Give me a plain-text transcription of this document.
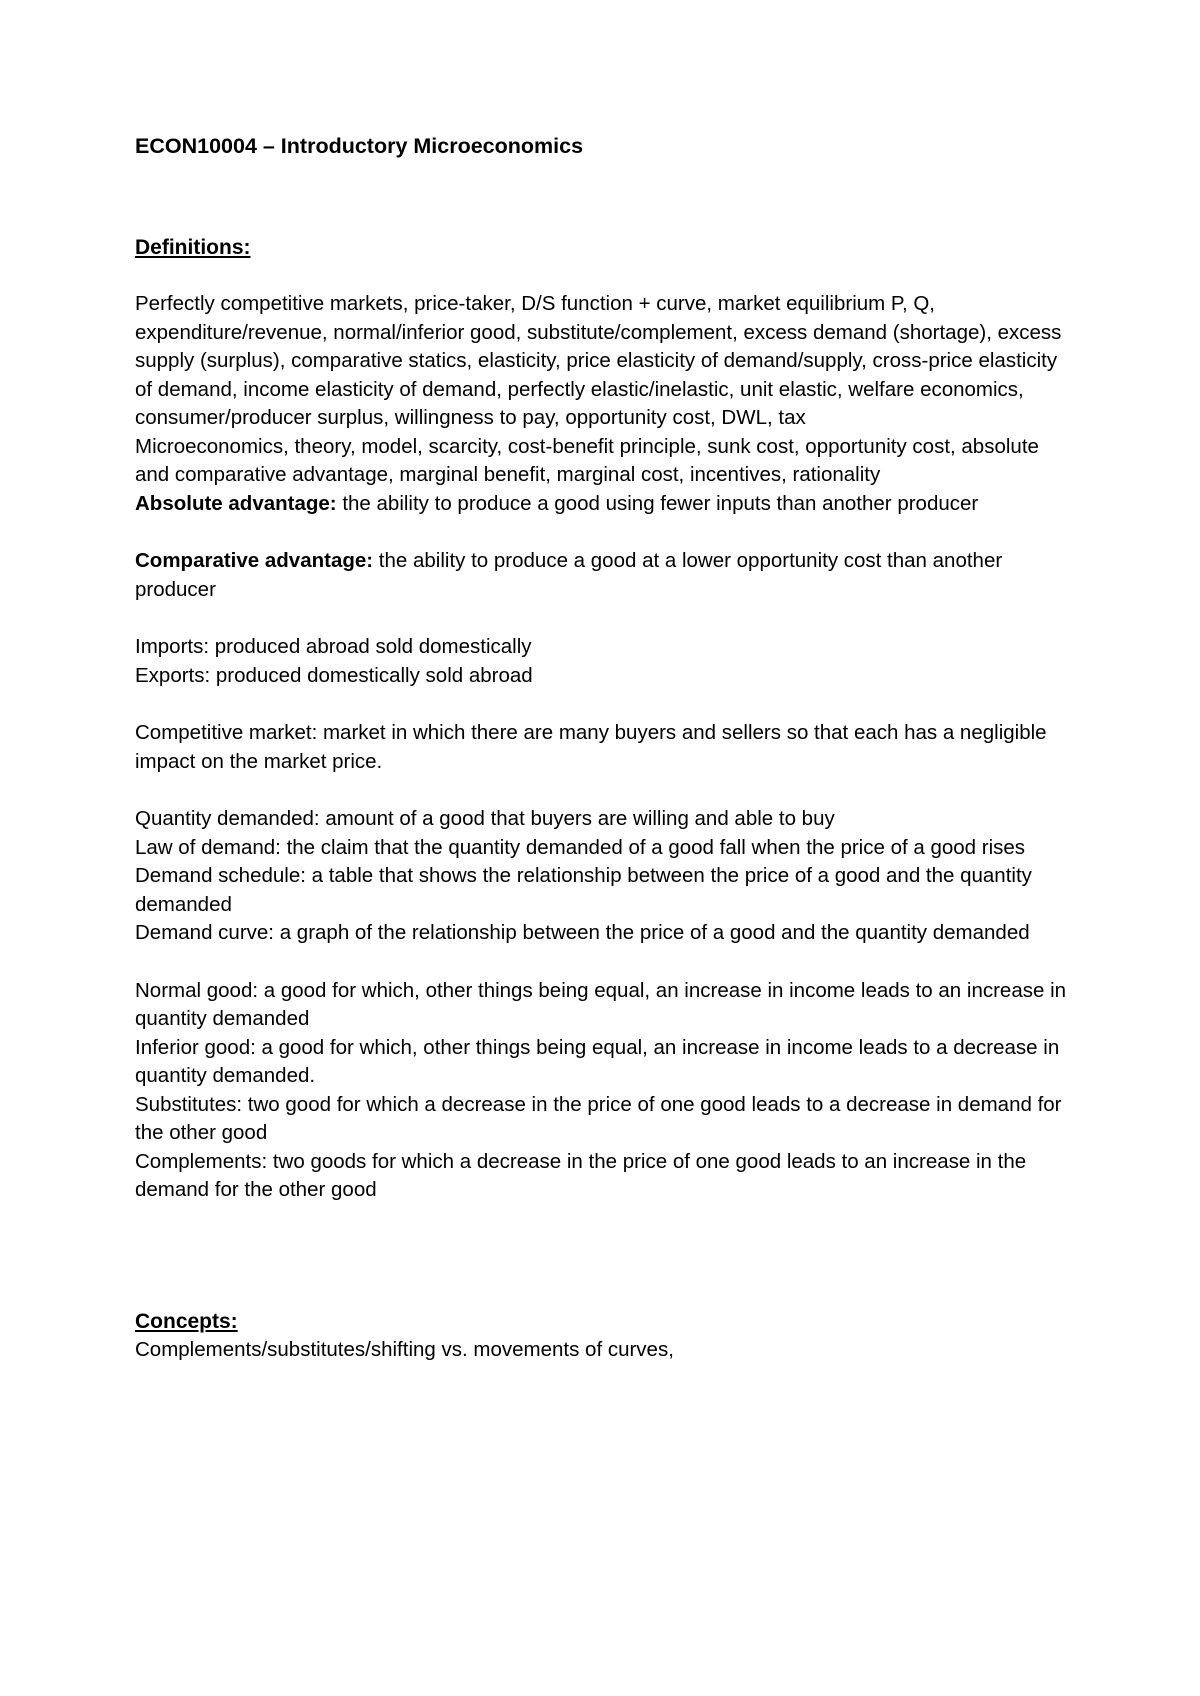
ECON10004 – Introductory Microeconomics
Definitions:

Perfectly competitive markets, price-taker, D/S function + curve, market equilibrium P, Q, expenditure/revenue, normal/inferior good, substitute/complement, excess demand (shortage), excess supply (surplus), comparative statics, elasticity, price elasticity of demand/supply, cross-price elasticity of demand, income elasticity of demand, perfectly elastic/inelastic, unit elastic, welfare economics, consumer/producer surplus, willingness to pay, opportunity cost, DWL, tax

Microeconomics, theory, model, scarcity, cost-benefit principle, sunk cost, opportunity cost, absolute and comparative advantage, marginal benefit, marginal cost, incentives, rationality

Absolute advantage: the ability to produce a good using fewer inputs than another producer

Comparative advantage: the ability to produce a good at a lower opportunity cost than another producer

Imports: produced abroad sold domestically

Exports: produced domestically sold abroad

Competitive market: market in which there are many buyers and sellers so that each has a negligible impact on the market price.

Quantity demanded: amount of a good that buyers are willing and able to buy

Law of demand: the claim that the quantity demanded of a good fall when the price of a good rises

Demand schedule: a table that shows the relationship between the price of a good and the quantity demanded

Demand curve: a graph of the relationship between the price of a good and the quantity demanded

Normal good: a good for which, other things being equal, an increase in income leads to an increase in quantity demanded

Inferior good: a good for which, other things being equal, an increase in income leads to a decrease in quantity demanded.

Substitutes: two good for which a decrease in the price of one good leads to a decrease in demand for the other good

Complements: two goods for which a decrease in the price of one good leads to an increase in the demand for the other good

Concepts:

Complements/substitutes/shifting vs. movements of curves,
